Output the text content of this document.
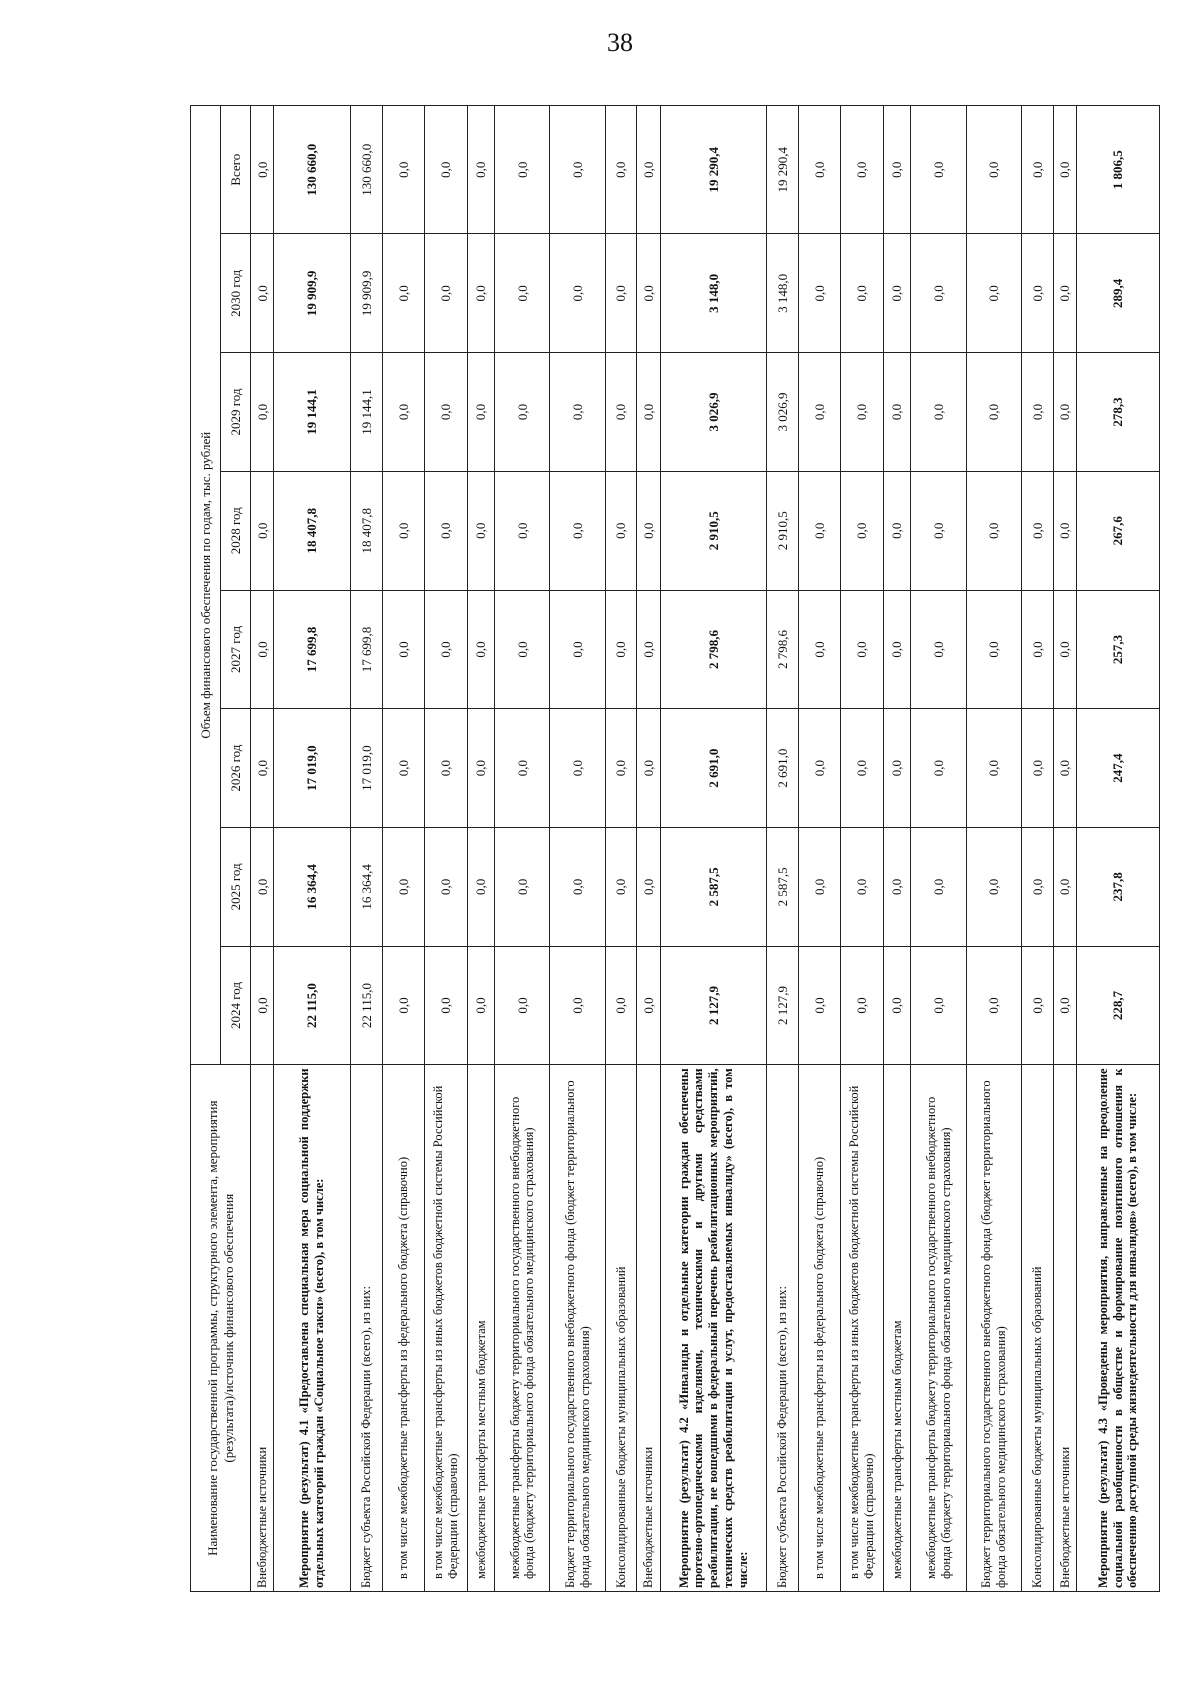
38
Наименование государственной программы, структурного элемента, мероприятия (результата)/источник финансового обеспечения	Объем финансового обеспечения по годам, тыс. рублей							
	2024 год	2025 год	2026 год	2027 год	2028 год	2029 год	2030 год	Всего
Внебюджетные источники	0,0	0,0	0,0	0,0	0,0	0,0	0,0	0,0
Мероприятие (результат) 4.1 «Предоставлена специальная мера социальной поддержки отдельных категорий граждан «Социальное такси» (всего), в том числе:	22 115,0	16 364,4	17 019,0	17 699,8	18 407,8	19 144,1	19 909,9	130 660,0
Бюджет субъекта Российской Федерации (всего), из них:	22 115,0	16 364,4	17 019,0	17 699,8	18 407,8	19 144,1	19 909,9	130 660,0
в том числе межбюджетные трансферты из федерального бюджета (справочно)	0,0	0,0	0,0	0,0	0,0	0,0	0,0	0,0
в том числе межбюджетные трансферты из иных бюджетов бюджетной системы Российской Федерации (справочно)	0,0	0,0	0,0	0,0	0,0	0,0	0,0	0,0
межбюджетные трансферты местным бюджетам	0,0	0,0	0,0	0,0	0,0	0,0	0,0	0,0
межбюджетные трансферты бюджету территориального государственного внебюджетного фонда (бюджету территориального фонда обязательного медицинского страхования)	0,0	0,0	0,0	0,0	0,0	0,0	0,0	0,0
Бюджет территориального государственного внебюджетного фонда (бюджет территориального фонда обязательного медицинского страхования)	0,0	0,0	0,0	0,0	0,0	0,0	0,0	0,0
Консолидированные бюджеты муниципальных образований	0,0	0,0	0,0	0,0	0,0	0,0	0,0	0,0
Внебюджетные источники	0,0	0,0	0,0	0,0	0,0	0,0	0,0	0,0
Мероприятие (результат) 4.2 «Инвалиды и отдельные категории граждан обеспечены протезно-ортопедическими изделиями, техническими и другими средствами реабилитации, не вошедшими в федеральный перечень реабилитационных мероприятий, технических средств реабилитации и услут, предоставляемых инвалиду» (всего), в том числе:	2 127,9	2 587,5	2 691,0	2 798,6	2 910,5	3 026,9	3 148,0	19 290,4
Бюджет субъекта Российской Федерации (всего), из них:	2 127,9	2 587,5	2 691,0	2 798,6	2 910,5	3 026,9	3 148,0	19 290,4
в том числе межбюджетные трансферты из федерального бюджета (справочно)	0,0	0,0	0,0	0,0	0,0	0,0	0,0	0,0
в том числе межбюджетные трансферты из иных бюджетов бюджетной системы Российской Федерации (справочно)	0,0	0,0	0,0	0,0	0,0	0,0	0,0	0,0
межбюджетные трансферты местным бюджетам	0,0	0,0	0,0	0,0	0,0	0,0	0,0	0,0
межбюджетные трансферты бюджету территориального государственного внебюджетного фонда (бюджету территориального фонда обязательного медицинского страхования)	0,0	0,0	0,0	0,0	0,0	0,0	0,0	0,0
Бюджет территориального государственного внебюджетного фонда (бюджет территориального фонда обязательного медицинского страхования)	0,0	0,0	0,0	0,0	0,0	0,0	0,0	0,0
Консолидированные бюджеты муниципальных образований	0,0	0,0	0,0	0,0	0,0	0,0	0,0	0,0
Внебюджетные источники	0,0	0,0	0,0	0,0	0,0	0,0	0,0	0,0
Мероприятие (результат) 4.3 «Проведены мероприятия, направленные на преодоление социальной разобщенности в обществе и формирование позитивного отношения к обеспечению доступной среды жизнедеятельности для инвалидов» (всего), в том числе:	228,7	237,8	247,4	257,3	267,6	278,3	289,4	1 806,5
